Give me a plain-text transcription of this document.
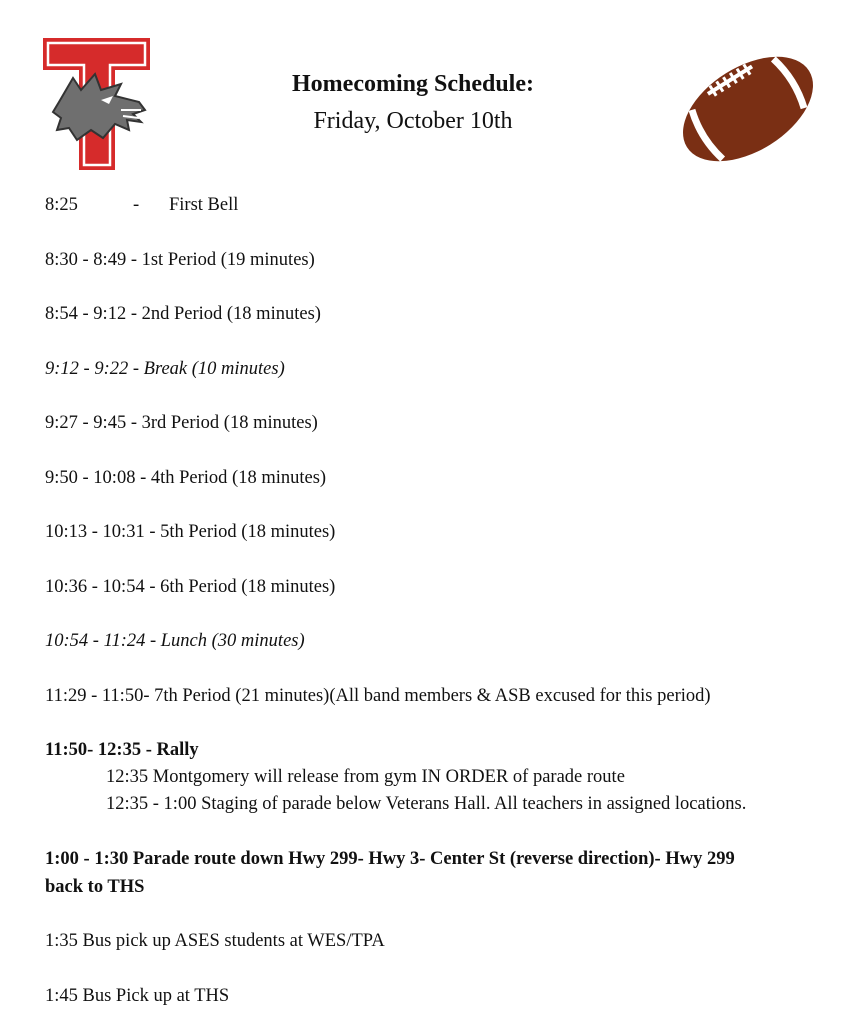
Homecoming Schedule:
Friday, October 10th
8:25	- First Bell
8:30 - 8:49 - 1st Period (19 minutes)
8:54 - 9:12 - 2nd Period (18 minutes)
9:12 - 9:22 - Break (10 minutes)
9:27 - 9:45 - 3rd Period (18 minutes)
9:50 - 10:08 - 4th Period (18 minutes)
10:13 - 10:31 - 5th Period (18 minutes)
10:36 - 10:54 - 6th Period (18 minutes)
10:54 - 11:24 - Lunch (30 minutes)
11:29 - 11:50- 7th Period (21 minutes)(All band members & ASB excused for this period)
11:50- 12:35 - Rally
12:35 Montgomery will release from gym IN ORDER of parade route
12:35 - 1:00 Staging of parade below Veterans Hall. All teachers in assigned locations.
1:00 - 1:30 Parade route down Hwy 299- Hwy 3- Center St (reverse direction)- Hwy 299
back to THS
1:35 Bus pick up ASES students at WES/TPA
1:45 Bus Pick up at THS
